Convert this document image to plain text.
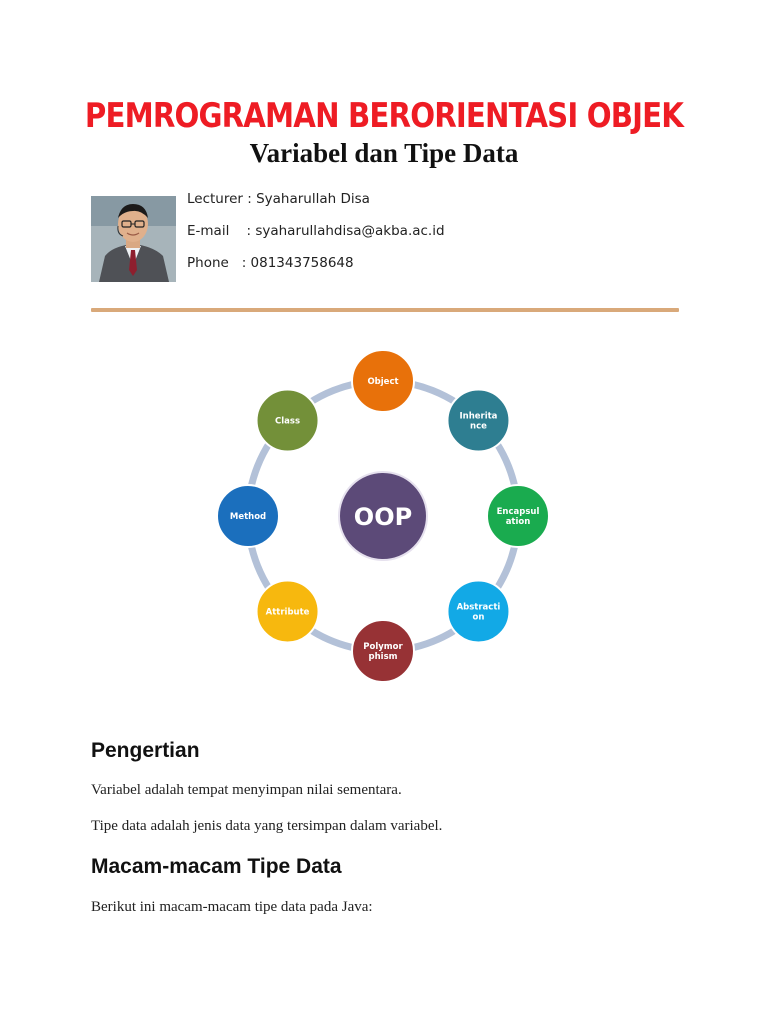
PEMROGRAMAN BERORIENTASI OBJEK
Variabel dan Tipe Data
Lecturer : Syaharullah Disa
E-mail    : syaharullahdisa@akba.ac.id
Phone   : 081343758648
OOP
Object
Inherita
nce
Encapsul
ation
Abstracti
on
Polymor
phism
Attribute
Method
Class
Pengertian

Variabel adalah tempat menyimpan nilai sementara.

Tipe data adalah jenis data yang tersimpan dalam variabel.

Macam-macam Tipe Data

Berikut ini macam-macam tipe data pada Java:
